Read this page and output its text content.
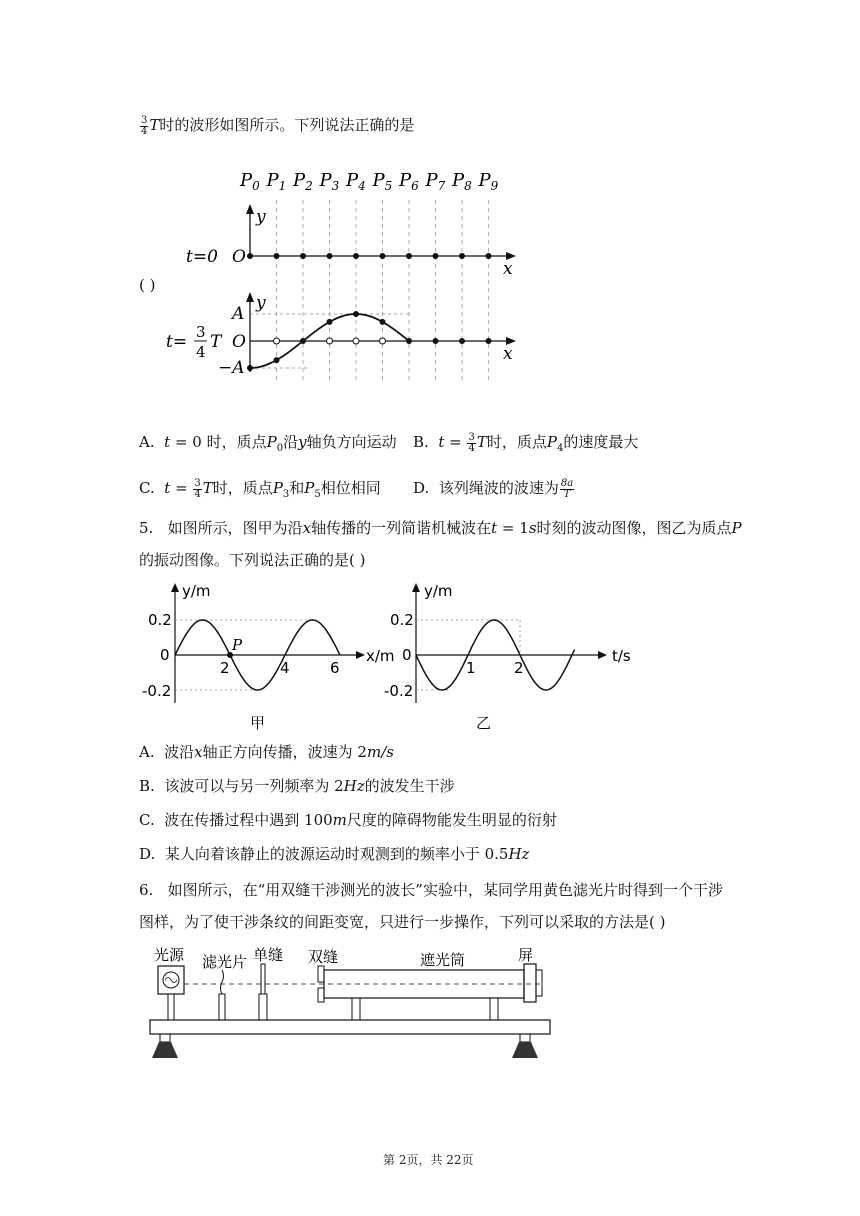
$\frac{3}{4}$ T时的波形如图所示。下列说法正确的是
( )
$P_0$ $P_1$ $P_2$ $P_3$ $P_4$ $P_5$ $P_6$ $P_7$ $P_8$ $P_9$
y
x
t=0 O
y
x
A
O
−A
t= 3
4 T
A. t = 0 时，质点$P_0$沿y轴负方向运动 B. $t = \frac{3}{4}$ T时，质点$P_4$的速度最大
C. $t = \frac{3}{4}$ T时，质点$P_3$和$P_5$相位相同 D. 该列绳波的波速为 $\frac{8a}{T}$
5. 如图所示，图甲为沿x轴传播的一列简谐机械波在t = 1s时刻的波动图像，图乙为质点P
的振动图像。下列说法正确的是( )
y/m
x/m
0.2
0
-0.2
2	4	6
P
甲
y/m
t/s
0.2
0
-0.2
1	2
乙
A. 波沿x轴正方向传播，波速为 2m/s
B. 该波可以与另一列频率为 2Hz的波发生干涉
C. 波在传播过程中遇到 100m尺度的障碍物能发生明显的衍射
D. 某人向着该静止的波源运动时观测到的频率小于 0.5Hz
6. 如图所示，在“用双缝干涉测光的波长”实验中，某同学用黄色滤光片时得到一个干涉
图样，为了使干涉条纹的间距变宽，只进行一步操作，下列可以采取的方法是( )
光源 滤光片 单缝 双缝	遮光筒	屏
第 2页，共 22页
